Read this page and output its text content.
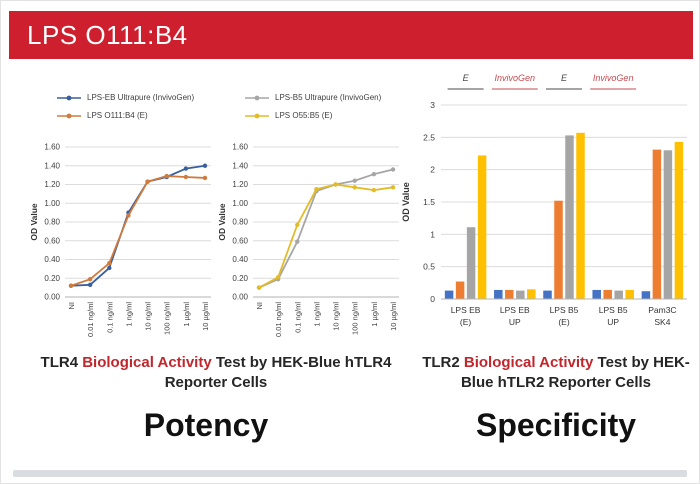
LPS O111:B4
LPS-EB Ultrapure (InvivoGen)
LPS O111:B4 (E)
0.00
0.20
0.40
0.60
0.80
1.00
1.20
1.40
1.60
OD Value
NI 0.01 ng/ml 0.1 ng/ml 1 ng/ml 10 ng/ml 100 ng/ml 1 µg/ml 10 µg/ml
LPS-B5 Ultrapure (InvivoGen)
LPS O55:B5 (E)
0.00
0.20
0.40
0.60
0.80
1.00
1.20
1.40
1.60
OD Value
NI 0.01 ng/ml 0.1 ng/ml 1 ng/ml 10 ng/ml 100 ng/ml 1 µg/ml 10 µg/ml
0
0.5
1
1.5
2
2.5
3
OD Value
E	InvivoGen	E	InvivoGen
LPS EB
(E)
LPS EB
UP
LPS B5
(E)
LPS B5
UP
Pam3C
SK4
TLR4 Biological Activity Test by HEK-Blue hTLR4 Reporter Cells
TLR2 Biological Activity Test by HEK-Blue hTLR2 Reporter Cells
Potency	Specificity
